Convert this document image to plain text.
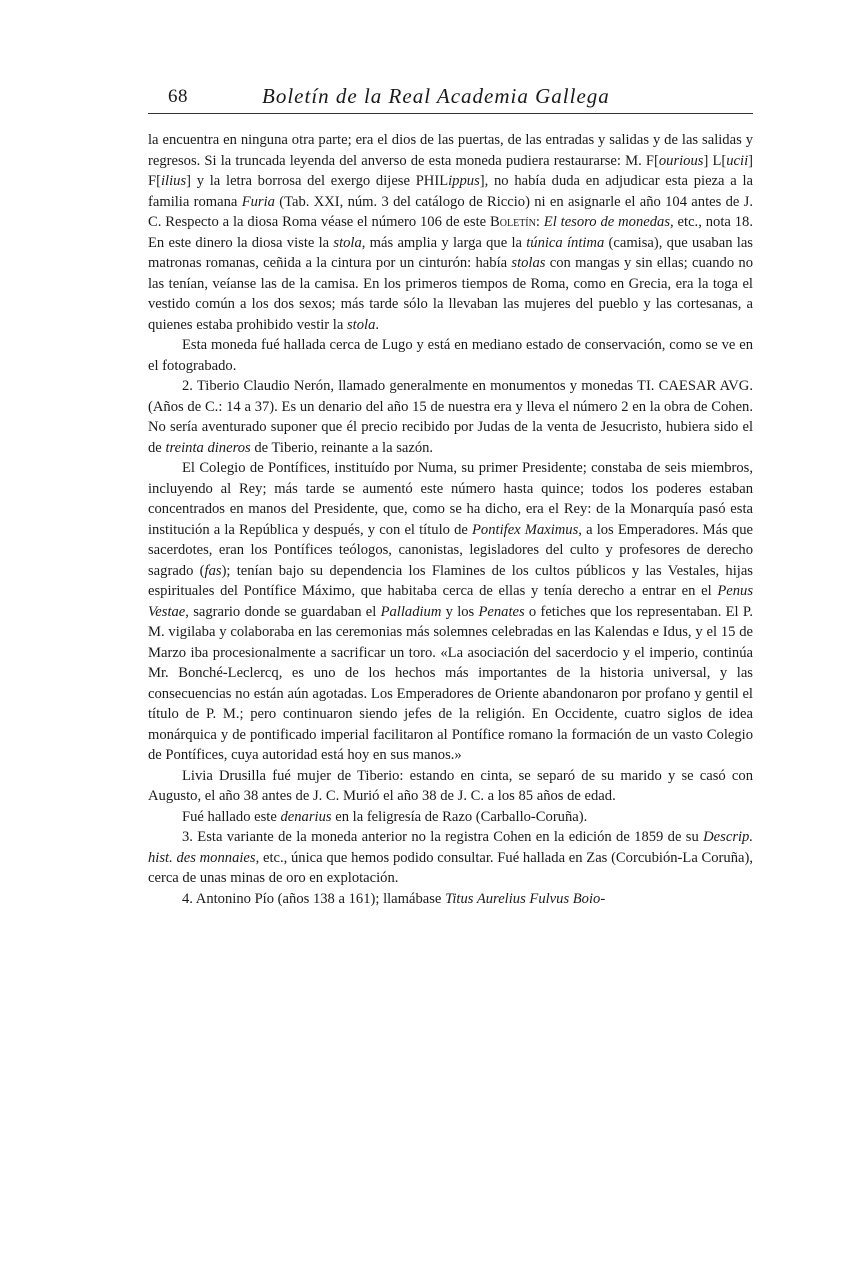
68	Boletín de la Real Academia Gallega

la encuentra en ninguna otra parte; era el dios de las puertas, de las entradas y salidas y de las salidas y regresos. Si la truncada leyenda del anverso de esta moneda pudiera restaurarse: M. F[ourious] L[ucii] F[ilius] y la letra borrosa del exergo dijese PHILippus], no había duda en adjudicar esta pieza a la familia romana Furia (Tab. XXI, núm. 3 del catálogo de Riccio) ni en asignarle el año 104 antes de J. C. Respecto a la diosa Roma véase el número 106 de este Boletín: El tesoro de monedas, etc., nota 18. En este dinero la diosa viste la stola, más amplia y larga que la túnica íntima (camisa), que usaban las matronas romanas, ceñida a la cintura por un cinturón: había stolas con mangas y sin ellas; cuando no las tenían, veíanse las de la camisa. En los primeros tiempos de Roma, como en Grecia, era la toga el vestido común a los dos sexos; más tarde sólo la llevaban las mujeres del pueblo y las cortesanas, a quienes estaba prohibido vestir la stola.

Esta moneda fué hallada cerca de Lugo y está en mediano estado de conservación, como se ve en el fotograbado.

2. Tiberio Claudio Nerón, llamado generalmente en monumentos y monedas TI. CAESAR AVG. (Años de C.: 14 a 37). Es un denario del año 15 de nuestra era y lleva el número 2 en la obra de Cohen. No sería aventurado suponer que él precio recibido por Judas de la venta de Jesucristo, hubiera sido el de treinta dineros de Tiberio, reinante a la sazón.

El Colegio de Pontífices, instituído por Numa, su primer Presidente; constaba de seis miembros, incluyendo al Rey; más tarde se aumentó este número hasta quince; todos los poderes estaban concentrados en manos del Presidente, que, como se ha dicho, era el Rey: de la Monarquía pasó esta institución a la República y después, y con el título de Pontifex Maximus, a los Emperadores. Más que sacerdotes, eran los Pontífices teólogos, canonistas, legisladores del culto y profesores de derecho sagrado (fas); tenían bajo su dependencia los Flamines de los cultos públicos y las Vestales, hijas espirituales del Pontífice Máximo, que habitaba cerca de ellas y tenía derecho a entrar en el Penus Vestae, sagrario donde se guardaban el Palladium y los Penates o fetiches que los representaban. El P. M. vigilaba y colaboraba en las ceremonias más solemnes celebradas en las Kalendas e Idus, y el 15 de Marzo iba procesionalmente a sacrificar un toro. «La asociación del sacerdocio y el imperio, continúa Mr. Bonché-Leclercq, es uno de los hechos más importantes de la historia universal, y las consecuencias no están aún agotadas. Los Emperadores de Oriente abandonaron por profano y gentil el título de P. M.; pero continuaron siendo jefes de la religión. En Occidente, cuatro siglos de idea monárquica y de pontificado imperial facilitaron al Pontífice romano la formación de un vasto Colegio de Pontífices, cuya autoridad está hoy en sus manos.»

Livia Drusilla fué mujer de Tiberio: estando en cinta, se separó de su marido y se casó con Augusto, el año 38 antes de J. C. Murió el año 38 de J. C. a los 85 años de edad.

Fué hallado este denarius en la feligresía de Razo (Carballo-Coruña).

3. Esta variante de la moneda anterior no la registra Cohen en la edición de 1859 de su Descrip. hist. des monnaies, etc., única que hemos podido consultar. Fué hallada en Zas (Corcubión-La Coruña), cerca de unas minas de oro en explotación.

4. Antonino Pío (años 138 a 161); llamábase Titus Aurelius Fulvus Boio-
